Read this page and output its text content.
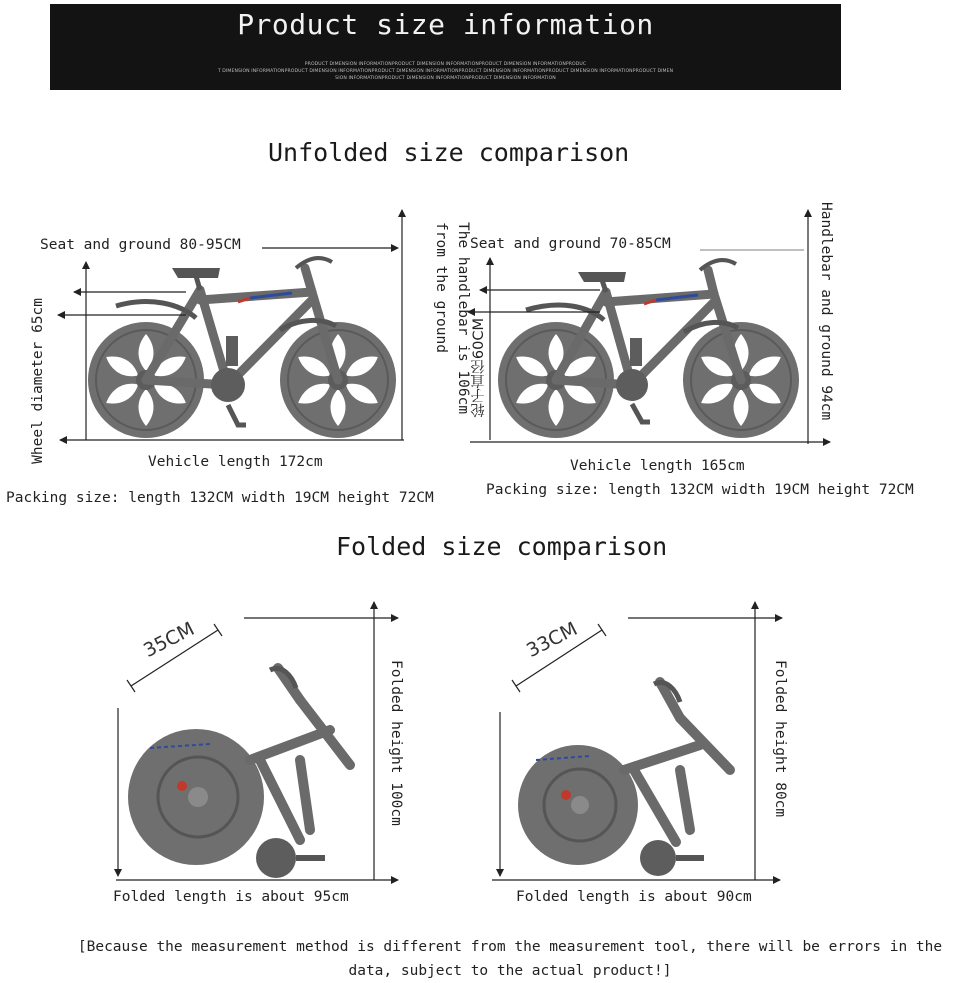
Product size information
PRODUCT DIMENSION INFORMATIONPRODUCT DIMENSION INFORMATIONPRODUCT DIMENSION INFORMATIONPRODUC
T DIMENSION INFORMATIONPRODUCT DIMENSION INFORMATIONPRODUCT DIMENSION INFORMATIONPRODUCT DIMENSION INFORMATIONPRODUCT DIMENSION INFORMATIONPRODUCT DIMEN
SION INFORMATIONPRODUCT DIMENSION INFORMATIONPRODUCT DIMENSION INFORMATION
Unfolded size comparison
Folded size comparison
Seat and ground 80-95CM
Wheel diameter 65cm	The handlebar is 106cm from the ground
Vehicle length 172cm
Packing size: length 132CM width 19CM height 72CM
Seat and ground 70-85CM
轮子直径60CM	Handlebar and ground 94cm
Vehicle length 165cm
Packing size: length 132CM width 19CM height 72CM
35CM
Folded height 100cm
Folded length is about 95cm
33CM
Folded height 80cm
Folded length is about 90cm
[Because the measurement method is different from the measurement tool, there will be errors in the data, subject to the actual product!]
